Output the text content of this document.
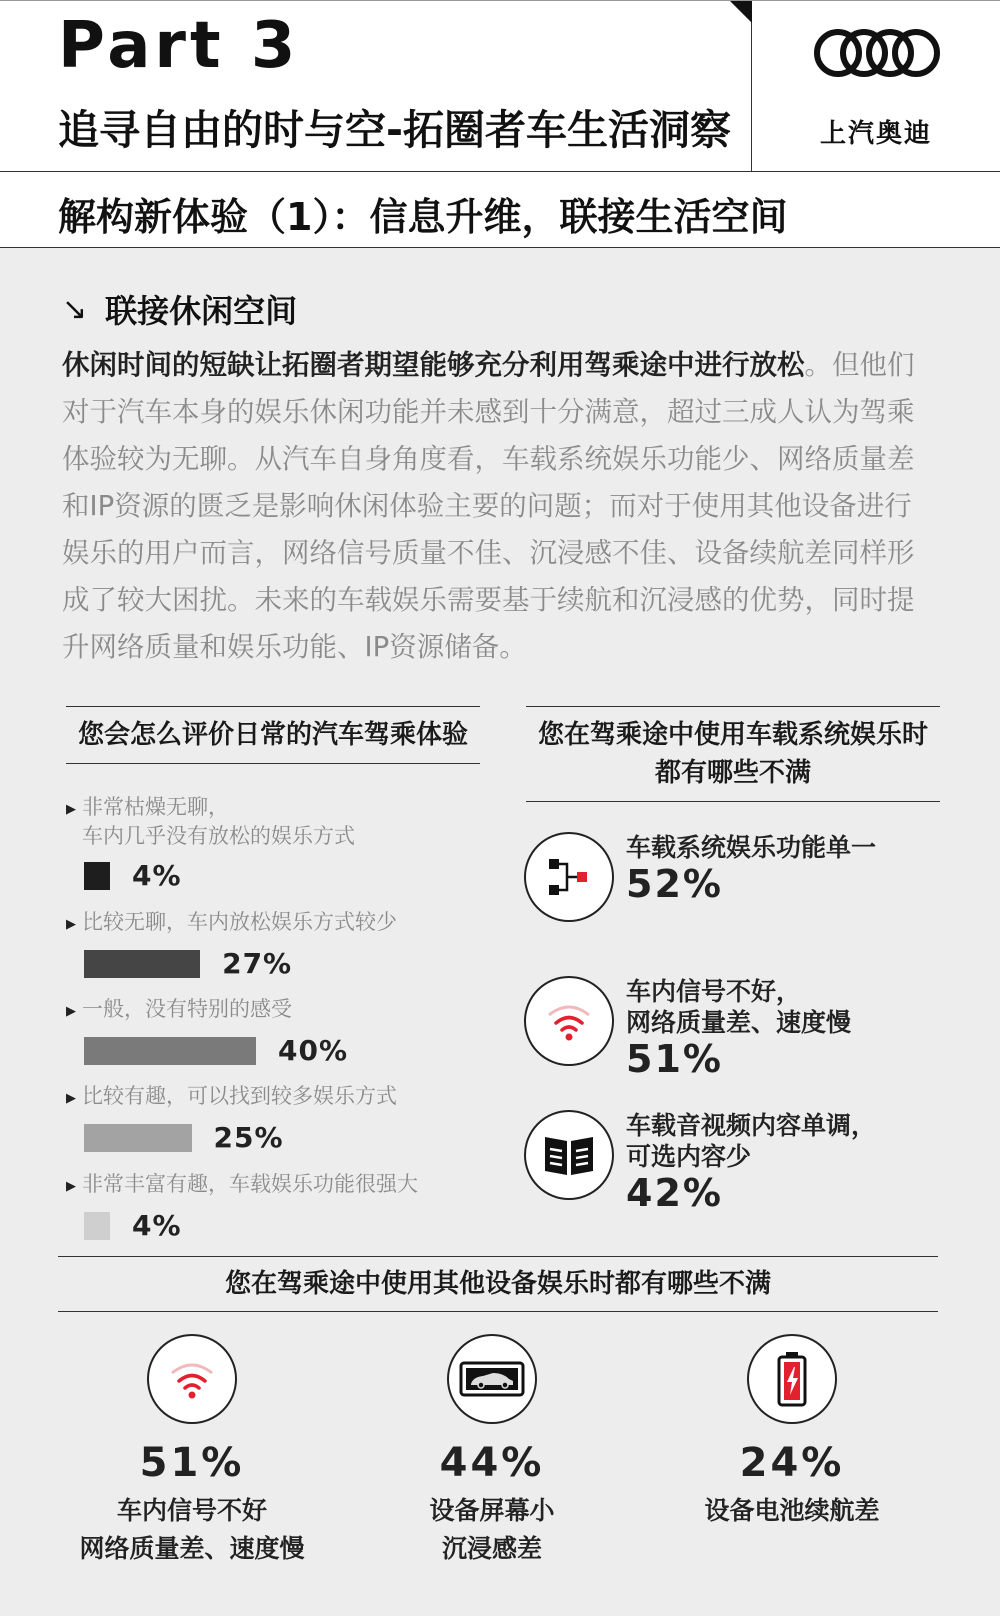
Part 3
追寻自由的时与空-拓圈者车生活洞察	上汽奥迪
解构新体验（1）：信息升维，联接生活空间
↘ 联接休闲空间
休闲时间的短缺让拓圈者期望能够充分利用驾乘途中进行放松。但他们对于汽车本身的娱乐休闲功能并未感到十分满意，超过三成人认为驾乘体验较为无聊。从汽车自身角度看，车载系统娱乐功能少、网络质量差和IP资源的匮乏是影响休闲体验主要的问题；而对于使用其他设备进行娱乐的用户而言，网络信号质量不佳、沉浸感不佳、设备续航差同样形成了较大困扰。未来的车载娱乐需要基于续航和沉浸感的优势，同时提升网络质量和娱乐功能、IP资源储备。
您会怎么评价日常的汽车驾乘体验
▶ 非常枯燥无聊，
车内几乎没有放松的娱乐方式
4%
▶ 比较无聊，车内放松娱乐方式较少
27%
▶ 一般，没有特别的感受
40%
▶ 比较有趣，可以找到较多娱乐方式
25%
▶ 非常丰富有趣，车载娱乐功能很强大
4%
您在驾乘途中使用车载系统娱乐时都有哪些不满
车载系统娱乐功能单一
52%
车内信号不好，
网络质量差、速度慢
51%
车载音视频内容单调，
可选内容少
42%
您在驾乘途中使用其他设备娱乐时都有哪些不满
51%
车内信号不好
网络质量差、速度慢
44%
设备屏幕小
沉浸感差
24%
设备电池续航差
